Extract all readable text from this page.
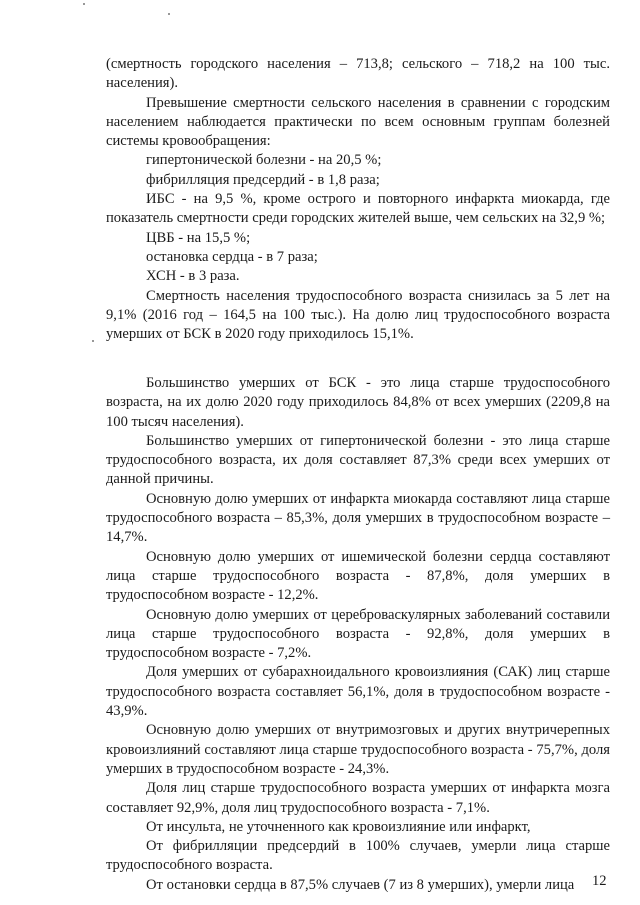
(смертность городского населения – 713,8; сельского – 718,2 на 100 тыс. населения).

Превышение смертности сельского населения в сравнении с городским населением наблюдается практически по всем основным группам болезней системы кровообращения:

гипертонической болезни - на 20,5 %;

фибрилляция предсердий - в 1,8 раза;

ИБС - на 9,5 %, кроме острого и повторного инфаркта миокарда, где показатель смертности среди городских жителей выше, чем сельских на 32,9 %;

ЦВБ - на 15,5 %;

остановка сердца - в 7 раза;

ХСН - в 3 раза.

Смертность населения трудоспособного возраста снизилась за 5 лет на 9,1% (2016 год – 164,5 на 100 тыс.). На долю лиц трудоспособного возраста умерших от БСК в 2020 году приходилось 15,1%.

Большинство умерших от БСК - это лица старше трудоспособного возраста, на их долю 2020 году приходилось 84,8% от всех умерших (2209,8 на 100 тысяч населения).

Большинство умерших от гипертонической болезни - это лица старше трудоспособного возраста, их доля составляет 87,3% среди всех умерших от данной причины.

Основную долю умерших от инфаркта миокарда составляют лица старше трудоспособного возраста – 85,3%, доля умерших в трудоспособном возрасте – 14,7%.

Основную долю умерших от ишемической болезни сердца составляют лица старше трудоспособного возраста - 87,8%, доля умерших в трудоспособном возрасте - 12,2%.

Основную долю умерших от цереброваскулярных заболеваний составили лица старше трудоспособного возраста - 92,8%, доля умерших в трудоспособном возрасте - 7,2%.

Доля умерших от субарахноидального кровоизлияния (САК) лиц старше трудоспособного возраста составляет 56,1%, доля в трудоспособном возрасте - 43,9%.

Основную долю умерших от внутримозговых и других внутричерепных кровоизлияний составляют лица старше трудоспособного возраста - 75,7%, доля умерших в трудоспособном возрасте - 24,3%.

Доля лиц старше трудоспособного возраста умерших от инфаркта мозга составляет 92,9%, доля лиц трудоспособного возраста - 7,1%.

От инсульта, не уточненного как кровоизлияние или инфаркт,

От фибрилляции предсердий в 100% случаев, умерли лица старше трудоспособного возраста.

От остановки сердца в 87,5% случаев (7 из 8 умерших), умерли лица	12
